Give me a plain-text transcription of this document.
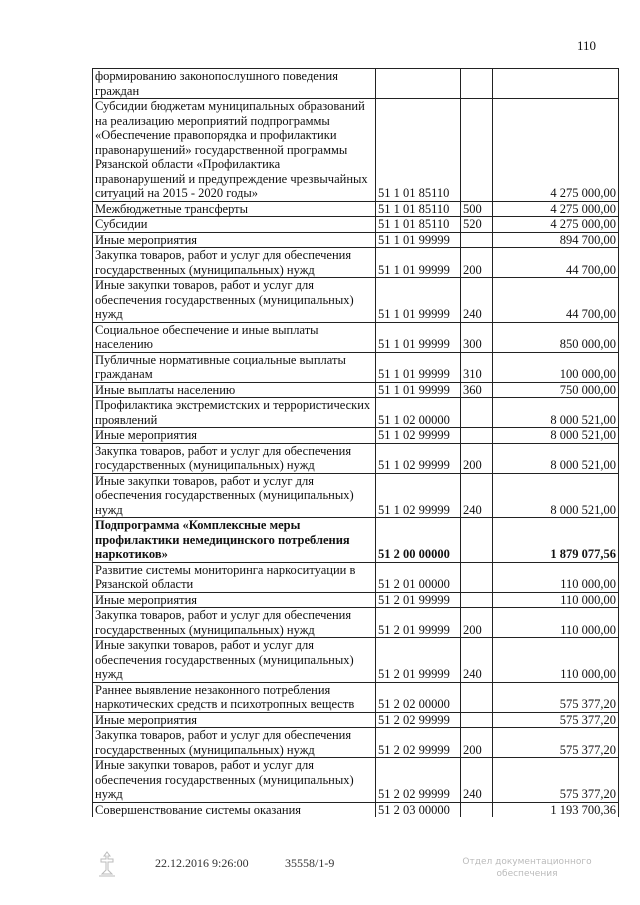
110
формированию законопослушного поведения граждан			
Субсидии бюджетам муниципальных образований на реализацию мероприятий подпрограммы «Обеспечение правопорядка и профилактики правонарушений» государственной программы Рязанской области «Профилактика правонарушений и предупреждение чрезвычайных ситуаций на 2015 - 2020 годы»	51 1 01 85110		4 275 000,00
Межбюджетные трансферты	51 1 01 85110	500	4 275 000,00
Субсидии	51 1 01 85110	520	4 275 000,00
Иные мероприятия	51 1 01 99999		894 700,00
Закупка товаров, работ и услуг для обеспечения государственных (муниципальных) нужд	51 1 01 99999	200	44 700,00
Иные закупки товаров, работ и услуг для обеспечения государственных (муниципальных) нужд	51 1 01 99999	240	44 700,00
Социальное обеспечение и иные выплаты населению	51 1 01 99999	300	850 000,00
Публичные нормативные социальные выплаты гражданам	51 1 01 99999	310	100 000,00
Иные выплаты населению	51 1 01 99999	360	750 000,00
Профилактика экстремистских и террористических проявлений	51 1 02 00000		8 000 521,00
Иные мероприятия	51 1 02 99999		8 000 521,00
Закупка товаров, работ и услуг для обеспечения государственных (муниципальных) нужд	51 1 02 99999	200	8 000 521,00
Иные закупки товаров, работ и услуг для обеспечения государственных (муниципальных) нужд	51 1 02 99999	240	8 000 521,00
Подпрограмма «Комплексные меры профилактики немедицинского потребления наркотиков»	51 2 00 00000		1 879 077,56
Развитие системы мониторинга наркоситуации в Рязанской области	51 2 01 00000		110 000,00
Иные мероприятия	51 2 01 99999		110 000,00
Закупка товаров, работ и услуг для обеспечения государственных (муниципальных) нужд	51 2 01 99999	200	110 000,00
Иные закупки товаров, работ и услуг для обеспечения государственных (муниципальных) нужд	51 2 01 99999	240	110 000,00
Раннее выявление незаконного потребления наркотических средств и психотропных веществ	51 2 02 00000		575 377,20
Иные мероприятия	51 2 02 99999		575 377,20
Закупка товаров, работ и услуг для обеспечения государственных (муниципальных) нужд	51 2 02 99999	200	575 377,20
Иные закупки товаров, работ и услуг для обеспечения государственных (муниципальных) нужд	51 2 02 99999	240	575 377,20
Совершенствование системы оказания	51 2 03 00000		1 193 700,36
22.12.2016 9:26:00	35558/1-9	Отдел документационного обеспечения
